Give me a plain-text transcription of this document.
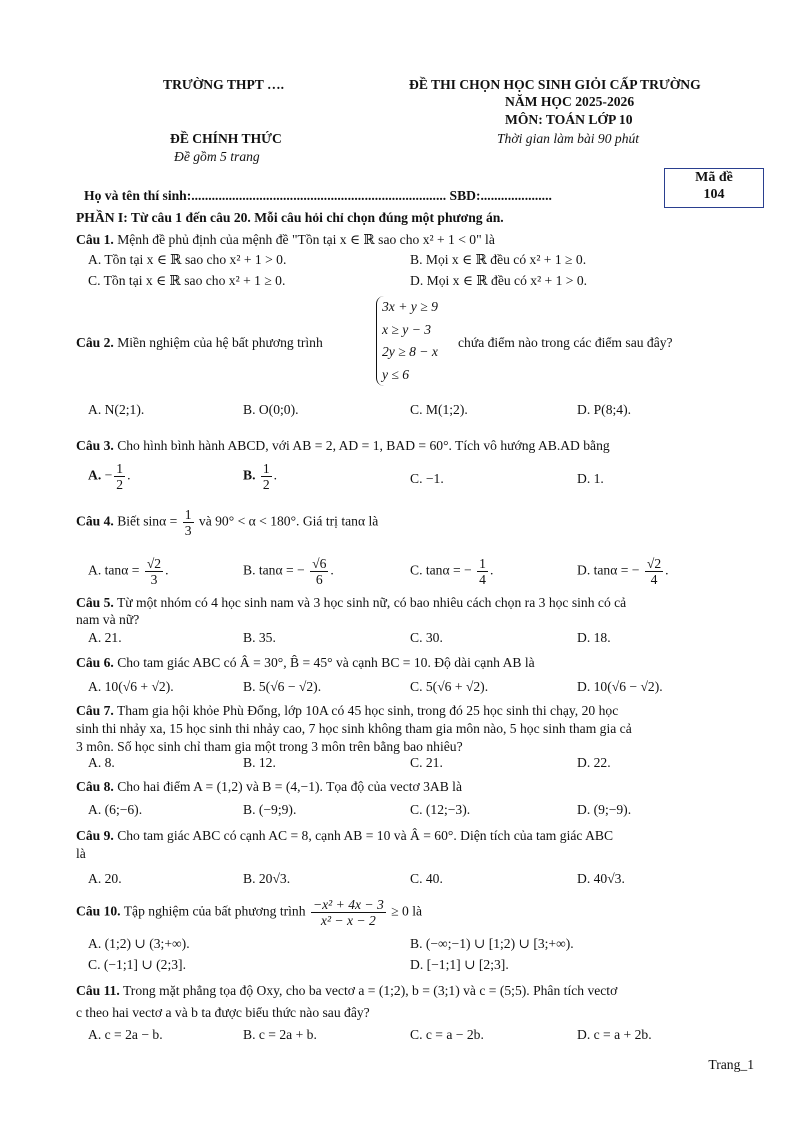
TRƯỜNG THPT ….	ĐỀ THI CHỌN HỌC SINH GIỎI CẤP TRƯỜNG
NĂM HỌC 2025-2026
MÔN: TOÁN LỚP 10
ĐỀ CHÍNH THỨC	Thời gian làm bài 90 phút
Đề gồm 5 trang
Mã đề
104
Họ và tên thí sinh:........................................................................... SBD:.....................
PHẦN I: Từ câu 1 đến câu 20. Mỗi câu hỏi chỉ chọn đúng một phương án.
Câu 1. Mệnh đề phủ định của mệnh đề "Tồn tại x ∈ ℝ sao cho x² + 1 < 0" là
A. Tồn tại x ∈ ℝ sao cho x² + 1 > 0.	B. Mọi x ∈ ℝ đều có x² + 1 ≥ 0.
C. Tồn tại x ∈ ℝ sao cho x² + 1 ≥ 0.	D. Mọi x ∈ ℝ đều có x² + 1 > 0.
Câu 2. Miền nghiệm của hệ bất phương trình
3x + y ≥ 9
x ≥ y − 3
2y ≥ 8 − x
y ≤ 6
chứa điểm nào trong các điểm sau đây?
A. N(2;1).	B. O(0;0).	C. M(1;2).	D. P(8;4).
Câu 3. Cho hình bình hành ABCD, với AB = 2, AD = 1, BAD = 60°. Tích vô hướng AB.AD bằng
A. − $\frac{1}{2}$ .	B. $\frac{1}{2}$ .	C. −1.	D. 1.
Câu 4. Biết $\sin\alpha = \frac{1}{3}$ và 90° < α < 180°. Giá trị tanα là
A. $\tan\alpha = \frac{√2}{3}$ .	B. tanα = − $\frac{√6}{6}$ .	C. tanα = − $\frac{1}{4}$ .	D. tanα = − $\frac{√2}{4}$ .
Câu 5. Từ một nhóm có 4 học sinh nam và 3 học sinh nữ, có bao nhiêu cách chọn ra 3 học sinh có cả
nam và nữ?
A. 21.	B. 35.	C. 30.	D. 18.
Câu 6. Cho tam giác ABC có Â = 30°, B̂ = 45° và cạnh BC = 10. Độ dài cạnh AB là
A. 10(√6 + √2).	B. 5(√6 − √2).	C. 5(√6 + √2).	D. 10(√6 − √2).
Câu 7. Tham gia hội khỏe Phù Đổng, lớp 10A có 45 học sinh, trong đó 25 học sinh thi chạy, 20 học
sinh thi nhảy xa, 15 học sinh thi nhảy cao, 7 học sinh không tham gia môn nào, 5 học sinh tham gia cả
3 môn. Số học sinh chỉ tham gia một trong 3 môn trên bằng bao nhiêu?
A. 8.	B. 12.	C. 21.	D. 22.
Câu 8. Cho hai điểm A = (1,2) và B = (4,−1). Tọa độ của vectơ 3AB là
A. (6;−6).	B. (−9;9).	C. (12;−3).	D. (9;−9).
Câu 9. Cho tam giác ABC có cạnh AC = 8, cạnh AB = 10 và Â = 60°. Diện tích của tam giác ABC
là
A. 20.	B. 20√3.	C. 40.	D. 40√3.
Câu 10. Tập nghiệm của bất phương trình $\frac{\text{−x² + 4x − 3}}{\text{x² − x − 2}} \ge 0$ là
A. (1;2) ∪ (3;+∞).	B. (−∞;−1) ∪ [1;2) ∪ [3;+∞).
C. (−1;1] ∪ (2;3].	D. [−1;1] ∪ [2;3].
Câu 11. Trong mặt phẳng tọa độ Oxy, cho ba vectơ a = (1;2), b = (3;1) và c = (5;5). Phân tích vectơ
c theo hai vectơ a và b ta được biểu thức nào sau đây?
A. c = 2a − b.	B. c = 2a + b.	C. c = a − 2b.	D. c = a + 2b.
Trang_1
